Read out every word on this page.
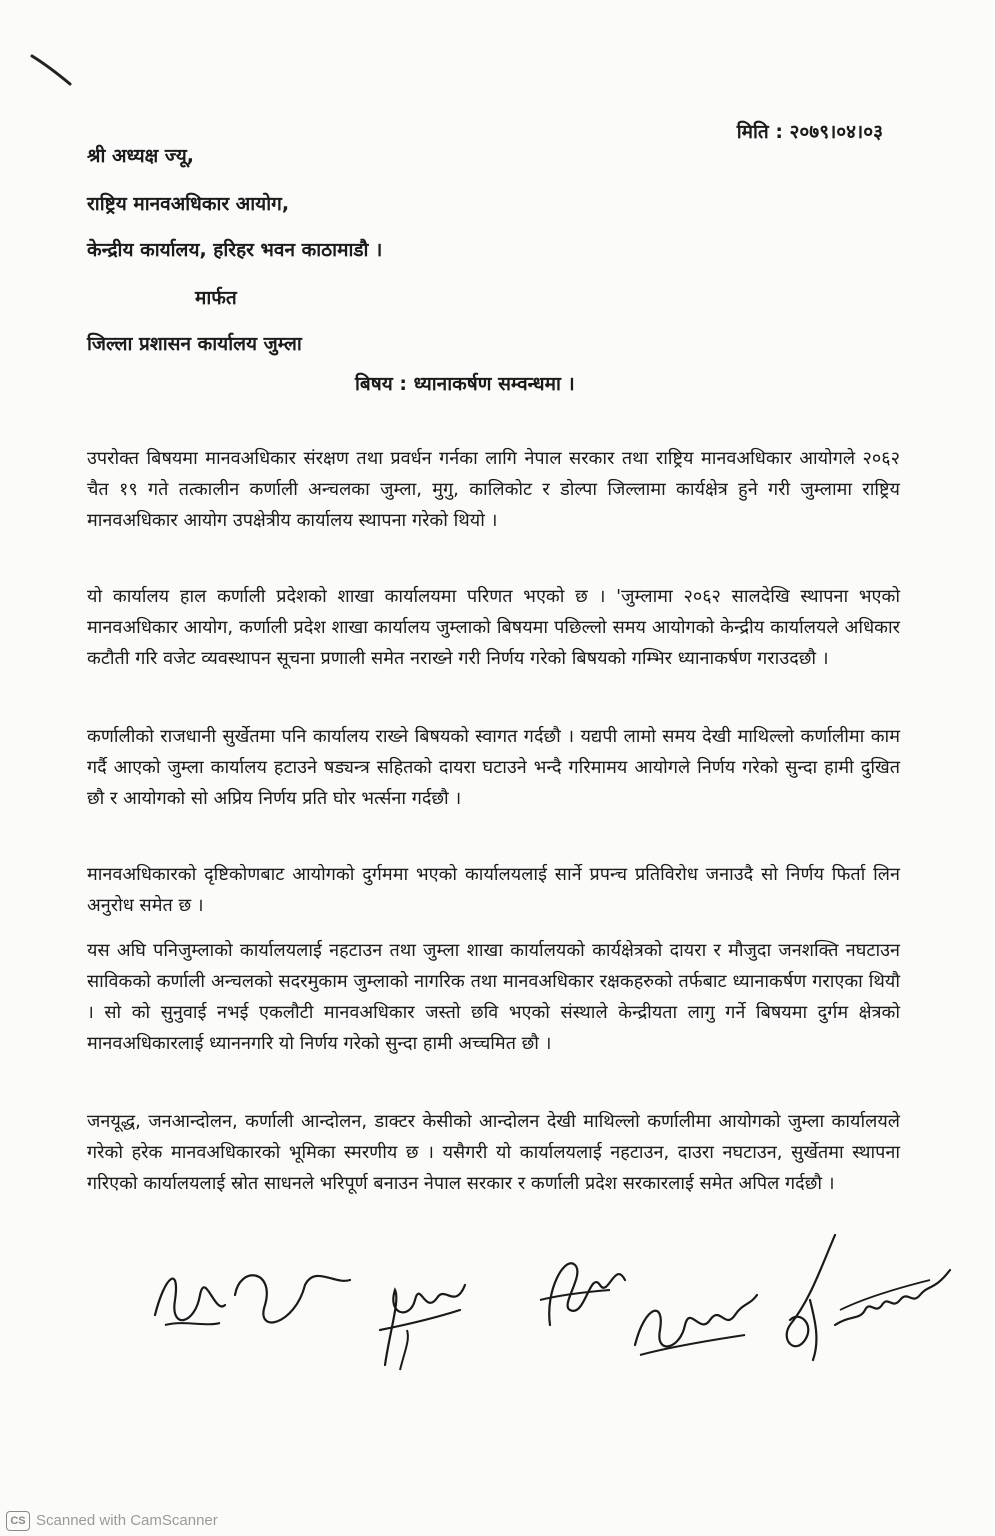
मिति : २०७९।०४।०३
श्री अध्यक्ष ज्यू,
राष्ट्रिय मानवअधिकार आयोग,
केन्द्रीय कार्यालय, हरिहर भवन काठामाडौ ।
मार्फत
जिल्ला प्रशासन कार्यालय जुम्ला
बिषय : ध्यानाकर्षण सम्वन्धमा ।
उपरोक्त बिषयमा मानवअधिकार संरक्षण तथा प्रवर्धन गर्नका लागि नेपाल सरकार तथा राष्ट्रिय मानवअधिकार आयोगले २०६२ चैत १९ गते तत्कालीन कर्णाली अन्चलका जुम्ला, मुगु, कालिकोट र डोल्पा जिल्लामा कार्यक्षेत्र हुने गरी जुम्लामा राष्ट्रिय मानवअधिकार आयोग उपक्षेत्रीय कार्यालय स्थापना गरेको थियो ।
यो कार्यालय हाल कर्णाली प्रदेशको शाखा कार्यालयमा परिणत भएको छ । 'जुम्लामा २०६२ सालदेखि स्थापना भएको मानवअधिकार आयोग, कर्णाली प्रदेश शाखा कार्यालय जुम्लाको बिषयमा पछिल्लो समय आयोगको केन्द्रीय कार्यालयले अधिकार कटौती गरि वजेट व्यवस्थापन सूचना प्रणाली समेत नराख्ने गरी निर्णय गरेको बिषयको गम्भिर ध्यानाकर्षण गराउदछौ ।
कर्णालीको राजधानी सुर्खेतमा पनि कार्यालय राख्ने बिषयको स्वागत गर्दछौ । यद्यपी लामो समय देखी माथिल्लो कर्णालीमा काम गर्दै आएको जुम्ला कार्यालय हटाउने षड्यन्त्र सहितको दायरा घटाउने भन्दै गरिमामय आयोगले निर्णय गरेको सुन्दा हामी दुखित छौ र आयोगको सो अप्रिय निर्णय प्रति घोर भर्त्सना गर्दछौ ।
मानवअधिकारको दृष्टिकोणबाट आयोगको दुर्गममा भएको कार्यालयलाई सार्ने प्रपन्च प्रतिविरोध जनाउदै सो निर्णय फिर्ता लिन अनुरोध समेत छ ।
यस अघि पनिजुम्लाको कार्यालयलाई नहटाउन तथा जुम्ला शाखा कार्यालयको कार्यक्षेत्रको दायरा र मौजुदा जनशक्ति नघटाउन साविकको कर्णाली अन्चलको सदरमुकाम जुम्लाको नागरिक तथा मानवअधिकार रक्षकहरुको तर्फबाट ध्यानाकर्षण गराएका थियौ । सो को सुनुवाई नभई एकलौटी मानवअधिकार जस्तो छवि भएको संस्थाले केन्द्रीयता लागु गर्ने बिषयमा दुर्गम क्षेत्रको मानवअधिकारलाई ध्याननगरि यो निर्णय गरेको सुन्दा हामी अच्चमित छौ ।
जनयूद्ध, जनआन्दोलन, कर्णाली आन्दोलन, डाक्टर केसीको आन्दोलन देखी माथिल्लो कर्णालीमा आयोगको जुम्ला कार्यालयले गरेको हरेक मानवअधिकारको भूमिका स्मरणीय छ । यसैगरी यो कार्यालयलाई नहटाउन, दाउरा नघटाउन, सुर्खेतमा स्थापना गरिएको कार्यालयलाई स्रोत साधनले भरिपूर्ण बनाउन नेपाल सरकार र कर्णाली प्रदेश सरकारलाई समेत अपिल गर्दछौ ।
CS Scanned with CamScanner
